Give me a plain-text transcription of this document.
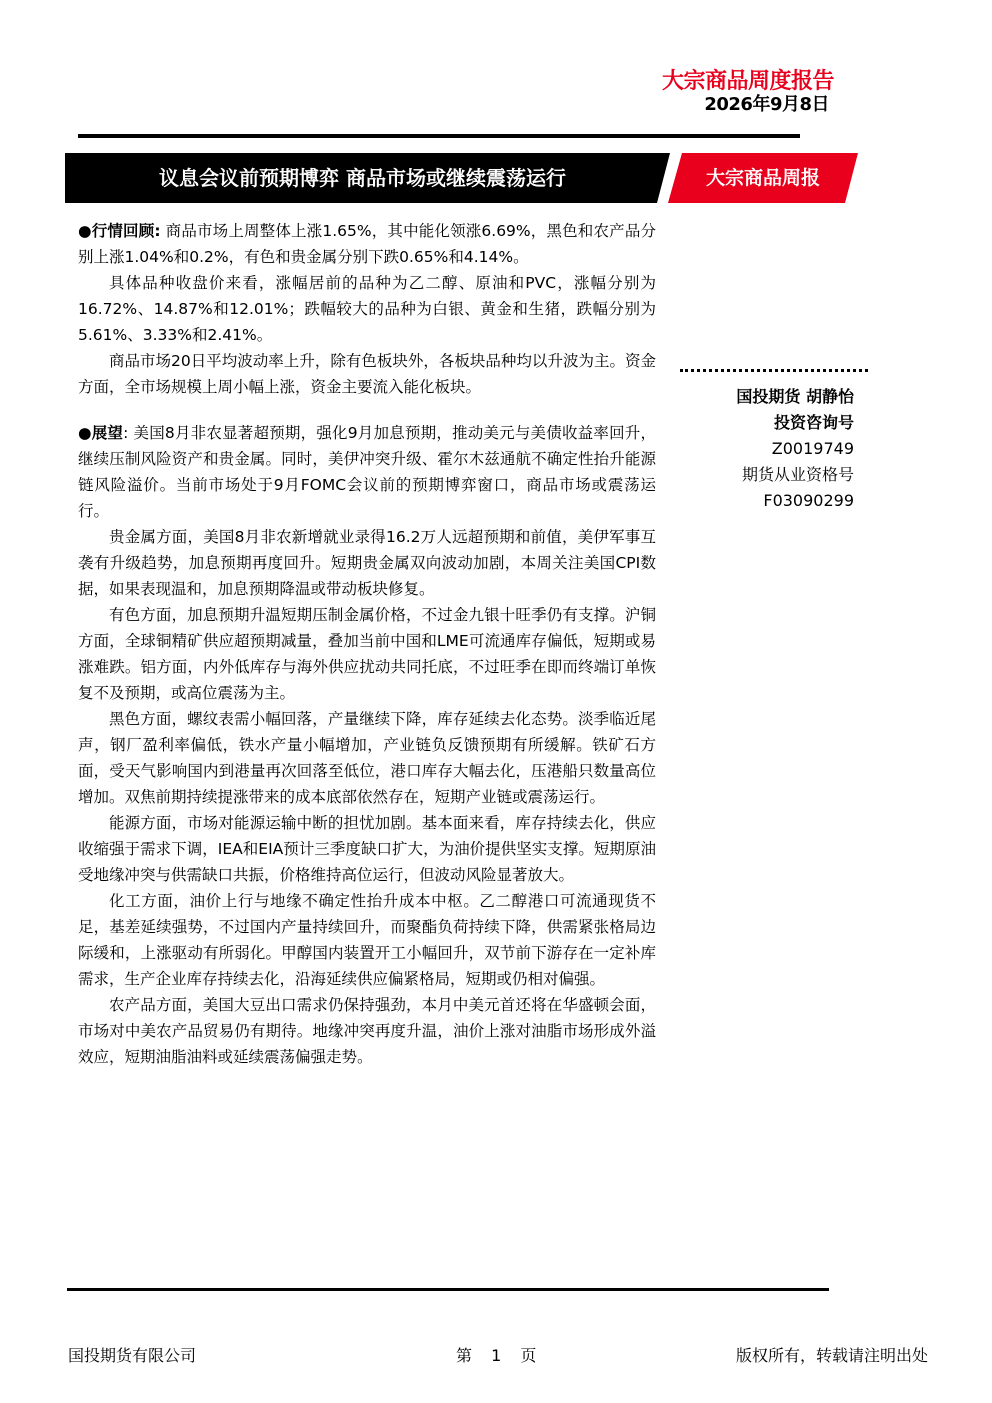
大宗商品周度报告
2026年9月8日
议息会议前预期博弈 商品市场或继续震荡运行	大宗商品周报

●行情回顾: 商品市场上周整体上涨1.65%，其中能化领涨6.69%，黑色和农产品分别上涨1.04%和0.2%，有色和贵金属分别下跌0.65%和4.14%。

具体品种收盘价来看，涨幅居前的品种为乙二醇、原油和PVC，涨幅分别为16.72%、14.87%和12.01%；跌幅较大的品种为白银、黄金和生猪，跌幅分别为5.61%、3.33%和2.41%。

商品市场20日平均波动率上升，除有色板块外，各板块品种均以升波为主。资金方面，全市场规模上周小幅上涨，资金主要流入能化板块。

●展望: 美国8月非农显著超预期，强化9月加息预期，推动美元与美债收益率回升，继续压制风险资产和贵金属。同时，美伊冲突升级、霍尔木兹通航不确定性抬升能源链风险溢价。当前市场处于9月FOMC会议前的预期博弈窗口，商品市场或震荡运行。

贵金属方面，美国8月非农新增就业录得16.2万人远超预期和前值，美伊军事互袭有升级趋势，加息预期再度回升。短期贵金属双向波动加剧，本周关注美国CPI数据，如果表现温和，加息预期降温或带动板块修复。

有色方面，加息预期升温短期压制金属价格，不过金九银十旺季仍有支撑。沪铜方面，全球铜精矿供应超预期减量，叠加当前中国和LME可流通库存偏低，短期或易涨难跌。铝方面，内外低库存与海外供应扰动共同托底，不过旺季在即而终端订单恢复不及预期，或高位震荡为主。

黑色方面，螺纹表需小幅回落，产量继续下降，库存延续去化态势。淡季临近尾声，钢厂盈利率偏低，铁水产量小幅增加，产业链负反馈预期有所缓解。铁矿石方面，受天气影响国内到港量再次回落至低位，港口库存大幅去化，压港船只数量高位增加。双焦前期持续提涨带来的成本底部依然存在，短期产业链或震荡运行。

能源方面，市场对能源运输中断的担忧加剧。基本面来看，库存持续去化，供应收缩强于需求下调，IEA和EIA预计三季度缺口扩大，为油价提供坚实支撑。短期原油受地缘冲突与供需缺口共振，价格维持高位运行，但波动风险显著放大。

化工方面，油价上行与地缘不确定性抬升成本中枢。乙二醇港口可流通现货不足，基差延续强势，不过国内产量持续回升，而聚酯负荷持续下降，供需紧张格局边际缓和，上涨驱动有所弱化。甲醇国内装置开工小幅回升，双节前下游存在一定补库需求，生产企业库存持续去化，沿海延续供应偏紧格局，短期或仍相对偏强。

农产品方面，美国大豆出口需求仍保持强劲，本月中美元首还将在华盛顿会面，市场对中美农产品贸易仍有期待。地缘冲突再度升温，油价上涨对油脂市场形成外溢效应，短期油脂油料或延续震荡偏强走势。

国投期货 胡静怡
投资咨询号
Z0019749
期货从业资格号
F03090299
国投期货有限公司	第 1 页	版权所有，转载请注明出处
